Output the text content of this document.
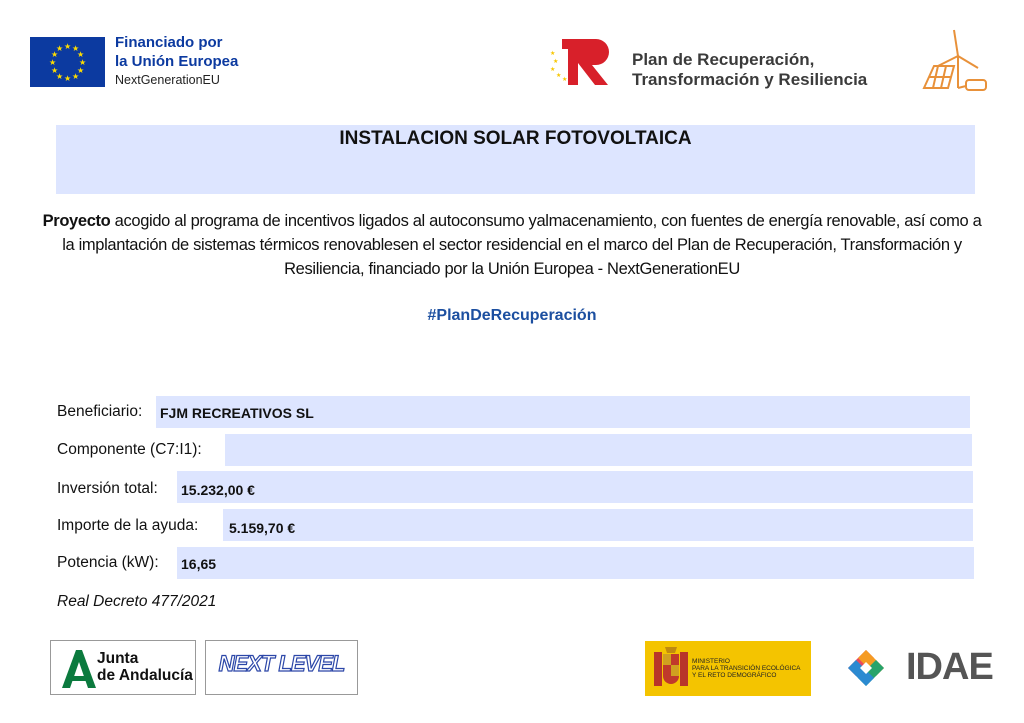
★ ★
★
★
★
★
★
★
★
★
★
★	Financiado por
la Unión Europea
NextGenerationEU
★
★
★
★
★
Plan de Recuperación,
Transformación y Resiliencia
INSTALACION SOLAR FOTOVOLTAICA
Proyecto acogido al programa de incentivos ligados al autoconsumo yalmacenamiento, con fuentes de energía renovable, así como a la implantación de sistemas térmicos renovablesen el sector residencial en el marco del Plan de Recuperación, Transformación y Resiliencia, financiado por la Unión Europea - NextGenerationEU
#PlanDeRecuperación
Beneficiario: FJM RECREATIVOS SL
Componente (C7:I1):
Inversión total: 15.232,00 €
Importe de la ayuda: 5.159,70 €
Potencia (kW): 16,65
Real Decreto 477/2021
Junta
de Andalucía	NEXT LEVEL	MINISTERIO
PARA LA TRANSICIÓN ECOLÓGICA
Y EL RETO DEMOGRÁFICO	IDAE
